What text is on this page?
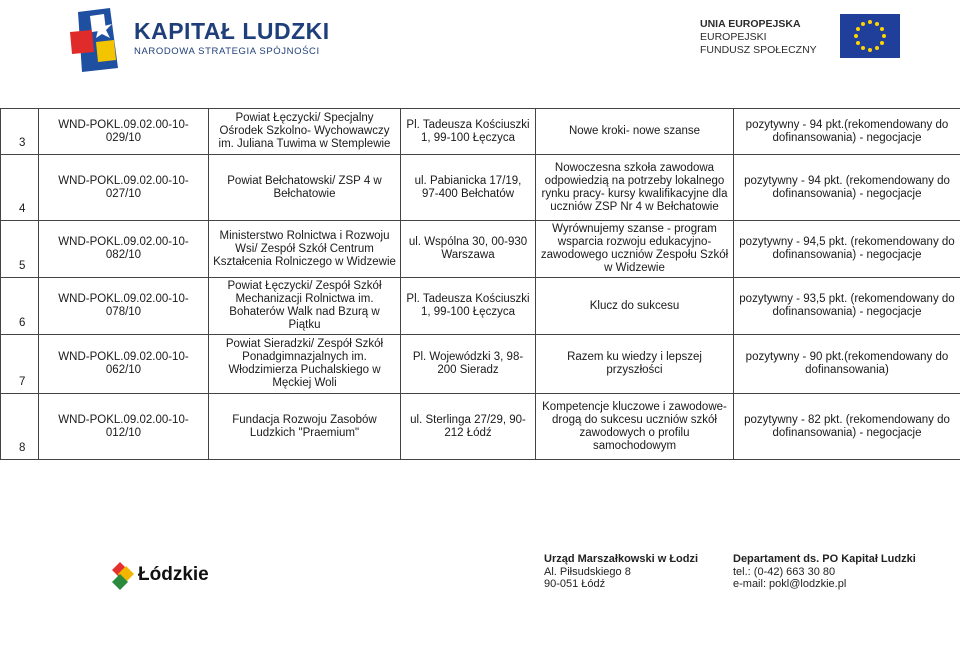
KAPITAŁ LUDZKI
NARODOWA STRATEGIA SPÓJNOŚCI
UNIA EUROPEJSKA
EUROPEJSKI
FUNDUSZ SPOŁECZNY
3	WND-POKL.09.02.00-10-029/10	Powiat Łęczycki/ Specjalny Ośrodek Szkolno- Wychowawczy im. Juliana Tuwima w Stemplewie	Pl. Tadeusza Kościuszki 1, 99-100 Łęczyca	Nowe kroki- nowe szanse	pozytywny - 94 pkt.(rekomendowany do dofinansowania) - negocjacje
4	WND-POKL.09.02.00-10-027/10	Powiat Bełchatowski/ ZSP 4 w Bełchatowie	ul. Pabianicka 17/19, 97-400 Bełchatów	Nowoczesna szkoła zawodowa odpowiedzią na potrzeby lokalnego rynku pracy- kursy kwalifikacyjne dla uczniów ZSP Nr 4 w Bełchatowie	pozytywny - 94 pkt. (rekomendowany do dofinansowania) - negocjacje
5	WND-POKL.09.02.00-10-082/10	Ministerstwo Rolnictwa i Rozwoju Wsi/ Zespół Szkół Centrum Kształcenia Rolniczego w Widzewie	ul. Wspólna 30, 00-930 Warszawa	Wyrównujemy szanse - program wsparcia rozwoju edukacyjno-zawodowego uczniów Zespołu Szkół w Widzewie	pozytywny - 94,5 pkt. (rekomendowany do dofinansowania) - negocjacje
6	WND-POKL.09.02.00-10-078/10	Powiat Łęczycki/ Zespół Szkół Mechanizacji Rolnictwa im. Bohaterów Walk nad Bzurą w Piątku	Pl. Tadeusza Kościuszki 1, 99-100 Łęczyca	Klucz do sukcesu	pozytywny - 93,5 pkt. (rekomendowany do dofinansowania) - negocjacje
7	WND-POKL.09.02.00-10-062/10	Powiat Sieradzki/ Zespół Szkół Ponadgimnazjalnych im. Włodzimierza Puchalskiego w Męckiej Woli	Pl. Wojewódzki 3, 98-200 Sieradz	Razem ku wiedzy i lepszej przyszłości	pozytywny - 90 pkt.(rekomendowany do dofinansowania)
8	WND-POKL.09.02.00-10-012/10	Fundacja Rozwoju Zasobów Ludzkich "Praemium"	ul. Sterlinga 27/29, 90-212 Łódź	Kompetencje kluczowe i zawodowe-drogą do sukcesu uczniów szkół zawodowych o profilu samochodowym	pozytywny - 82 pkt. (rekomendowany do dofinansowania) - negocjacje
Łódzkie
Urząd Marszałkowski w Łodzi
Al. Piłsudskiego 8
90-051 Łódź
Departament ds. PO Kapitał Ludzki
tel.: (0-42) 663 30 80
e-mail: pokl@lodzkie.pl
